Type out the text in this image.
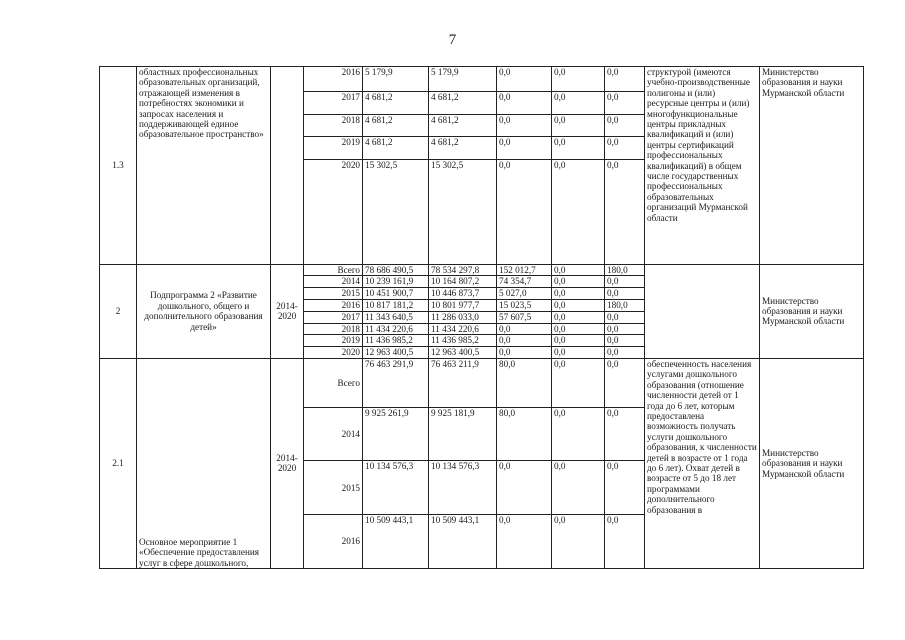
7
1.3	областных профессиональных образовательных организаций, отражающей изменения в потребностях экономики и запросах населения и поддерживающей единое образовательное пространство»		2016	5 179,9	5 179,9	0,0	0,0	0,0	структурой (имеются учебно-производственные полигоны и (или) ресурсные центры и (или) многофункциональные центры прикладных квалификаций и (или) центры сертификаций профессиональных квалификаций) в общем числе государственных профессиональных образовательных организаций Мурманской области	Министерство образования и науки Мурманской области
			2017	4 681,2	4 681,2	0,0	0,0	0,0		
			2018	4 681,2	4 681,2	0,0	0,0	0,0		
			2019	4 681,2	4 681,2	0,0	0,0	0,0		
			2020	15 302,5	15 302,5	0,0	0,0	0,0		
2	Подпрограмма 2 «Развитие дошкольного, общего и дополнительного образования детей»	2014-2020	Всего	78 686 490,5	78 534 297,8	152 012,7	0,0	180,0		Министерство образования и науки Мурманской области
			2014	10 239 161,9	10 164 807,2	74 354,7	0,0	0,0		
			2015	10 451 900,7	10 446 873,7	5 027,0	0,0	0,0		
			2016	10 817 181,2	10 801 977,7	15 023,5	0,0	180,0		
			2017	11 343 640,5	11 286 033,0	57 607,5	0,0	0,0		
			2018	11 434 220,6	11 434 220,6	0,0	0,0	0,0		
			2019	11 436 985,2	11 436 985,2	0,0	0,0	0,0		
			2020	12 963 400,5	12 963 400,5	0,0	0,0	0,0		
2.1	Основное мероприятие 1 «Обеспечение предоставления услуг в сфере дошкольного,	2014-2020	Всего	76 463 291,9	76 463 211,9	80,0	0,0	0,0	обеспеченность населения услугами дошкольного образования (отношение численности детей от 1 года до 6 лет, которым предоставлена возможность получать услуги дошкольного образования, к численности детей в возрасте от 1 года до 6 лет). Охват детей в возрасте от 5 до 18 лет программами дополнительного образования в	Министерство образования и науки Мурманской области
			2014	9 925 261,9	9 925 181,9	80,0	0,0	0,0		
			2015	10 134 576,3	10 134 576,3	0,0	0,0	0,0		
			2016	10 509 443,1	10 509 443,1	0,0	0,0	0,0		
